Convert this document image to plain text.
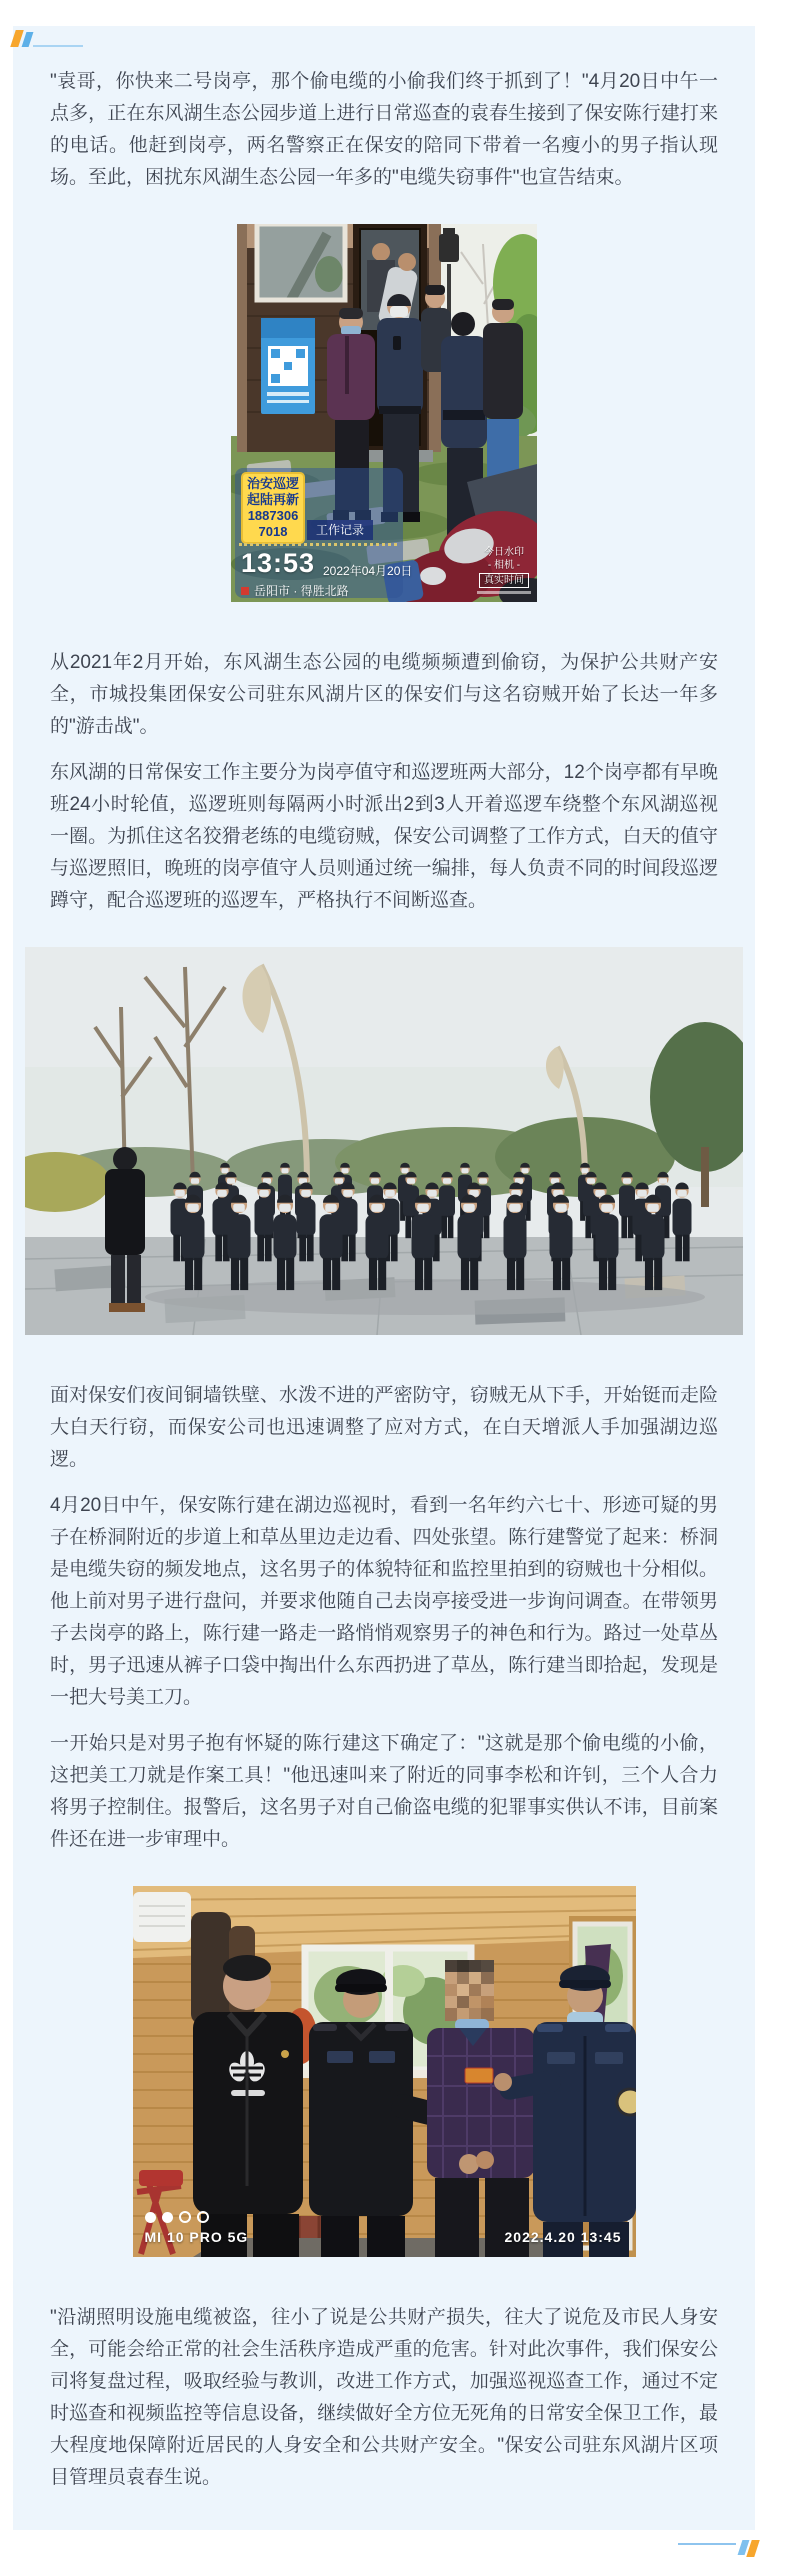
"袁哥，你快来二号岗亭，那个偷电缆的小偷我们终于抓到了！"4月20日中午一点多，正在东风湖生态公园步道上进行日常巡查的袁春生接到了保安陈行建打来的电话。他赶到岗亭，两名警察正在保安的陪同下带着一名瘦小的男子指认现场。至此，困扰东风湖生态公园一年多的"电缆失窃事件"也宣告结束。

治安巡逻
起陆再新
1887306
7018	工作记录
13:53 2022年04月20日
岳阳市 · 得胜北路
今日水印
- 相机 -
真实时间

从2021年2月开始，东风湖生态公园的电缆频频遭到偷窃，为保护公共财产安全，市城投集团保安公司驻东风湖片区的保安们与这名窃贼开始了长达一年多的"游击战"。

东风湖的日常保安工作主要分为岗亭值守和巡逻班两大部分，12个岗亭都有早晚班24小时轮值，巡逻班则每隔两小时派出2到3人开着巡逻车绕整个东风湖巡视一圈。为抓住这名狡猾老练的电缆窃贼，保安公司调整了工作方式，白天的值守与巡逻照旧，晚班的岗亭值守人员则通过统一编排，每人负责不同的时间段巡逻蹲守，配合巡逻班的巡逻车，严格执行不间断巡查。

面对保安们夜间铜墙铁壁、水泼不进的严密防守，窃贼无从下手，开始铤而走险大白天行窃，而保安公司也迅速调整了应对方式，在白天增派人手加强湖边巡逻。

4月20日中午，保安陈行建在湖边巡视时，看到一名年约六七十、形迹可疑的男子在桥洞附近的步道上和草丛里边走边看、四处张望。陈行建警觉了起来：桥洞是电缆失窃的频发地点，这名男子的体貌特征和监控里拍到的窃贼也十分相似。他上前对男子进行盘问，并要求他随自己去岗亭接受进一步询问调查。在带领男子去岗亭的路上，陈行建一路走一路悄悄观察男子的神色和行为。路过一处草丛时，男子迅速从裤子口袋中掏出什么东西扔进了草丛，陈行建当即拾起，发现是一把大号美工刀。

一开始只是对男子抱有怀疑的陈行建这下确定了："这就是那个偷电缆的小偷，这把美工刀就是作案工具！"他迅速叫来了附近的同事李松和许钊，三个人合力将男子控制住。报警后，这名男子对自己偷盗电缆的犯罪事实供认不讳，目前案件还在进一步审理中。

MI 10 PRO 5G	2022.4.20 13:45

"沿湖照明设施电缆被盗，往小了说是公共财产损失，往大了说危及市民人身安全，可能会给正常的社会生活秩序造成严重的危害。针对此次事件，我们保安公司将复盘过程，吸取经验与教训，改进工作方式，加强巡视巡查工作，通过不定时巡查和视频监控等信息设备，继续做好全方位无死角的日常安全保卫工作，最大程度地保障附近居民的人身安全和公共财产安全。"保安公司驻东风湖片区项目管理员袁春生说。
